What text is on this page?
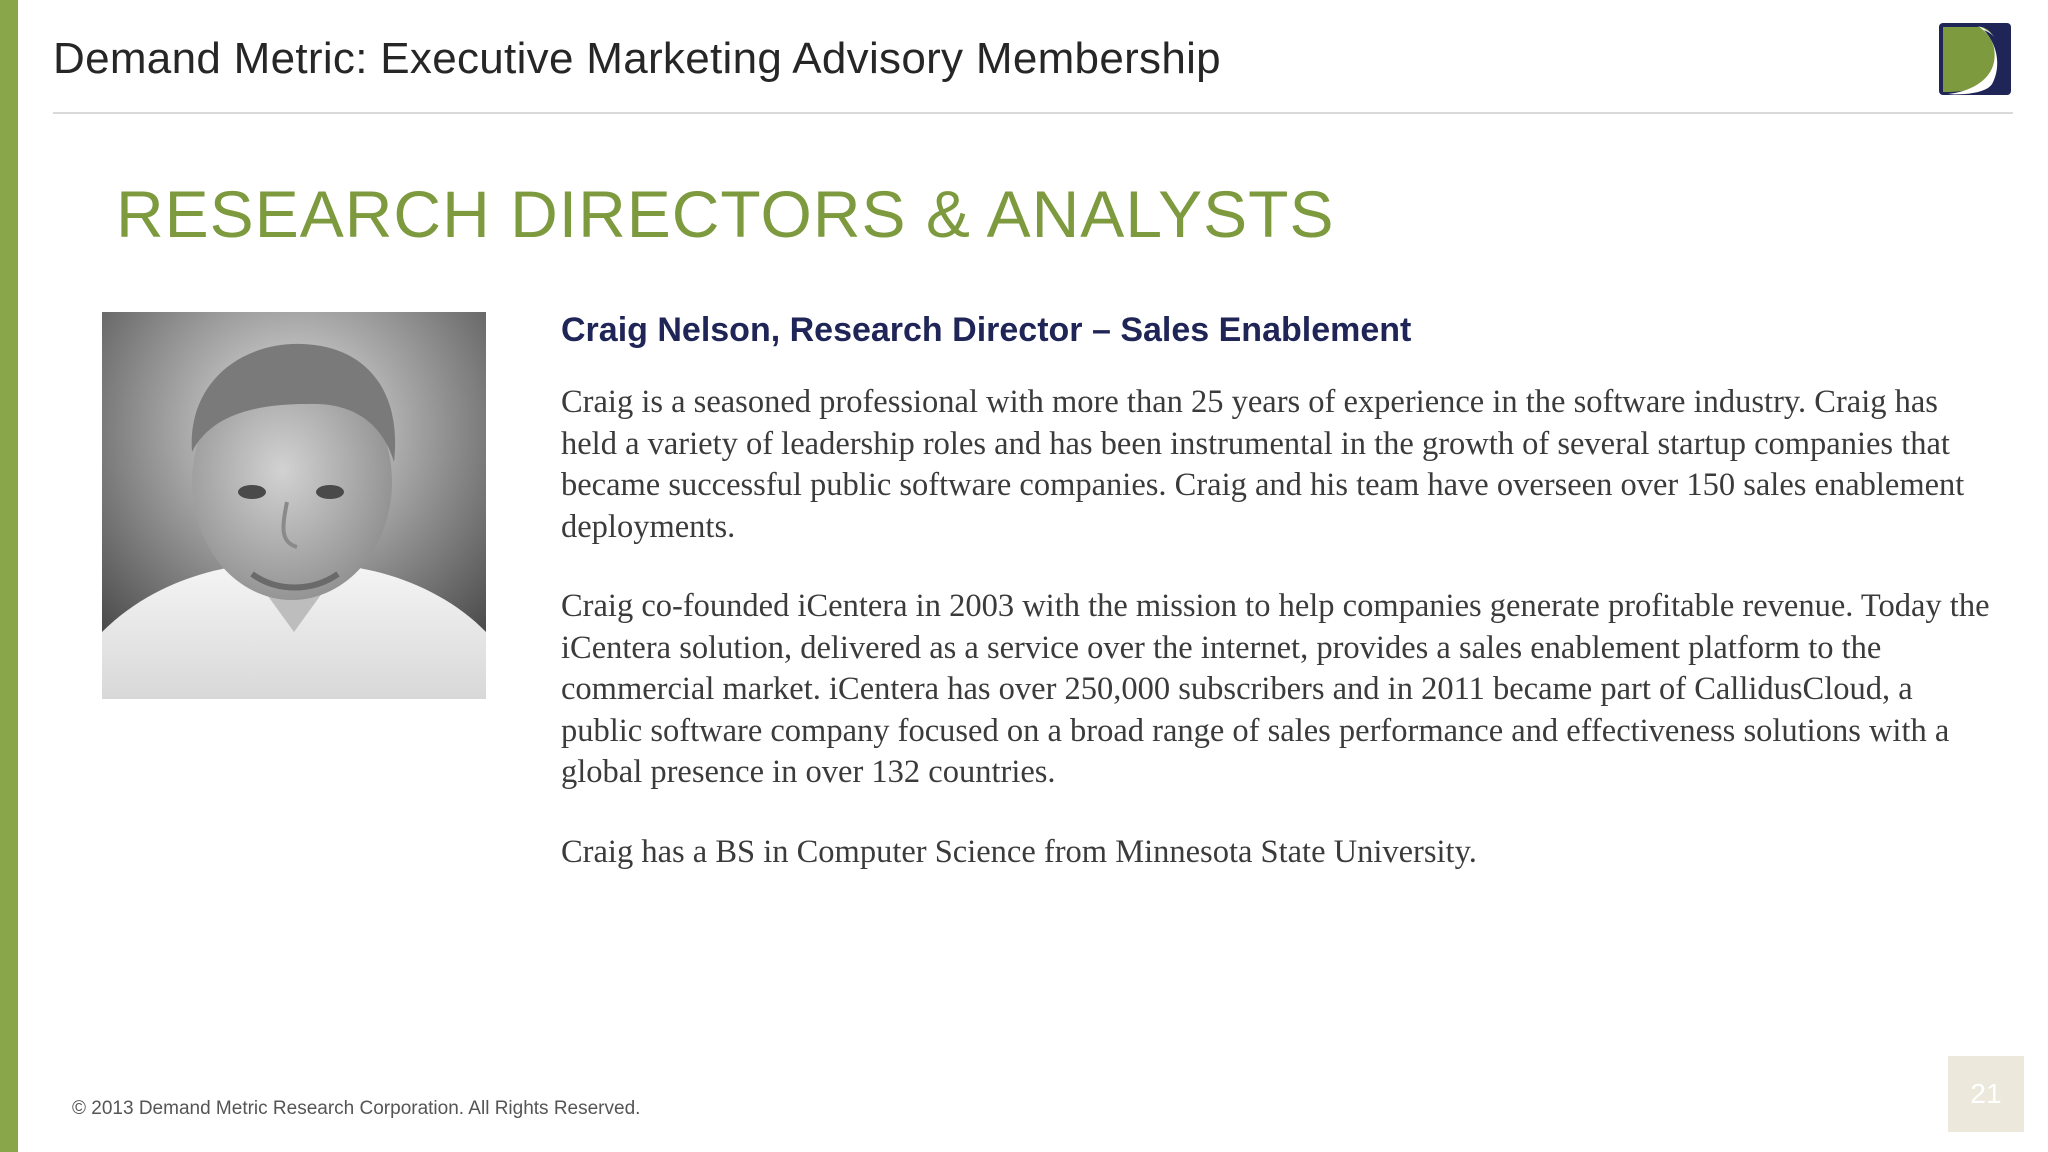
Demand Metric: Executive Marketing Advisory Membership
RESEARCH DIRECTORS & ANALYSTS
Craig Nelson, Research Director – Sales Enablement

Craig is a seasoned professional with more than 25 years of experience in the software industry. Craig has held a variety of leadership roles and has been instrumental in the growth of several startup companies that became successful public software companies. Craig and his team have overseen over 150 sales enablement deployments.

Craig co-founded iCentera in 2003 with the mission to help companies generate profitable revenue. Today the iCentera solution, delivered as a service over the internet, provides a sales enablement platform to the commercial market. iCentera has over 250,000 subscribers and in 2011 became part of CallidusCloud, a public software company focused on a broad range of sales performance and effectiveness solutions with a global presence in over 132 countries.

Craig has a BS in Computer Science from Minnesota State University.

© 2013 Demand Metric Research Corporation. All Rights Reserved.	21
